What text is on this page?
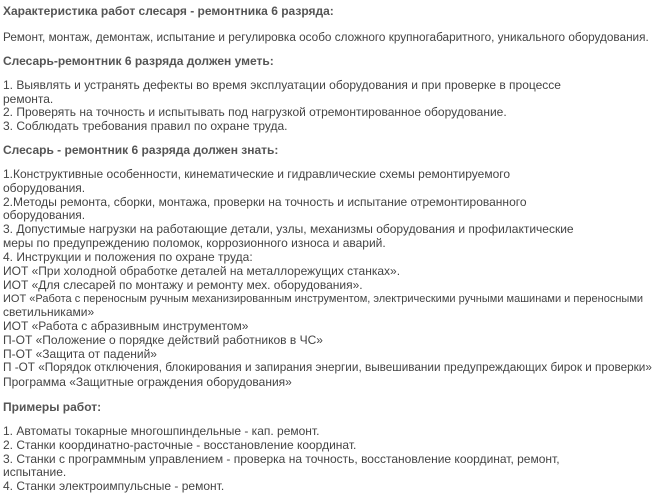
Характеристика работ слесаря - ремонтника 6 разряда:

Ремонт, монтаж, демонтаж, испытание и регулировка особо сложного крупногабаритного, уникального оборудования.

Слесарь-ремонтник 6 разряда должен уметь:

1. Выявлять и устранять дефекты во время эксплуатации оборудования и при проверке в процессе

ремонта.

2. Проверять на точность и испытывать под нагрузкой отремонтированное оборудование.

3. Соблюдать требования правил по охране труда.

Слесарь - ремонтник 6 разряда должен знать:

1.Конструктивные особенности, кинематические и гидравлические схемы ремонтируемого

оборудования.

2.Методы ремонта, сборки, монтажа, проверки на точность и испытание отремонтированного

оборудования.

3. Допустимые нагрузки на работающие детали, узлы, механизмы оборудования и профилактические

меры по предупреждению поломок, коррозионного износа и аварий.

4. Инструкции и положения по охране труда:

ИОТ «При холодной обработке деталей на металлорежущих станках».

ИОТ «Для слесарей по монтажу и ремонту мех. оборудования».

ИОТ «Работа с переносным ручным механизированным инструментом, электрическими ручными машинами и переносными

светильниками»

ИОТ «Работа с абразивным инструментом»

П-ОТ «Положение о порядке действий работников в ЧС»

П-ОТ «Защита от падений»

П -ОТ «Порядок отключения, блокирования и запирания энергии, вывешивании предупреждающих бирок и проверки»

Программа «Защитные ограждения оборудования»

Примеры работ:

1. Автоматы токарные многошпиндельные - кап. ремонт.

2. Станки координатно-расточные - восстановление координат.

3. Станки с программным управлением - проверка на точность, восстановление координат, ремонт,

испытание.

4. Станки электроимпульсные - ремонт.
